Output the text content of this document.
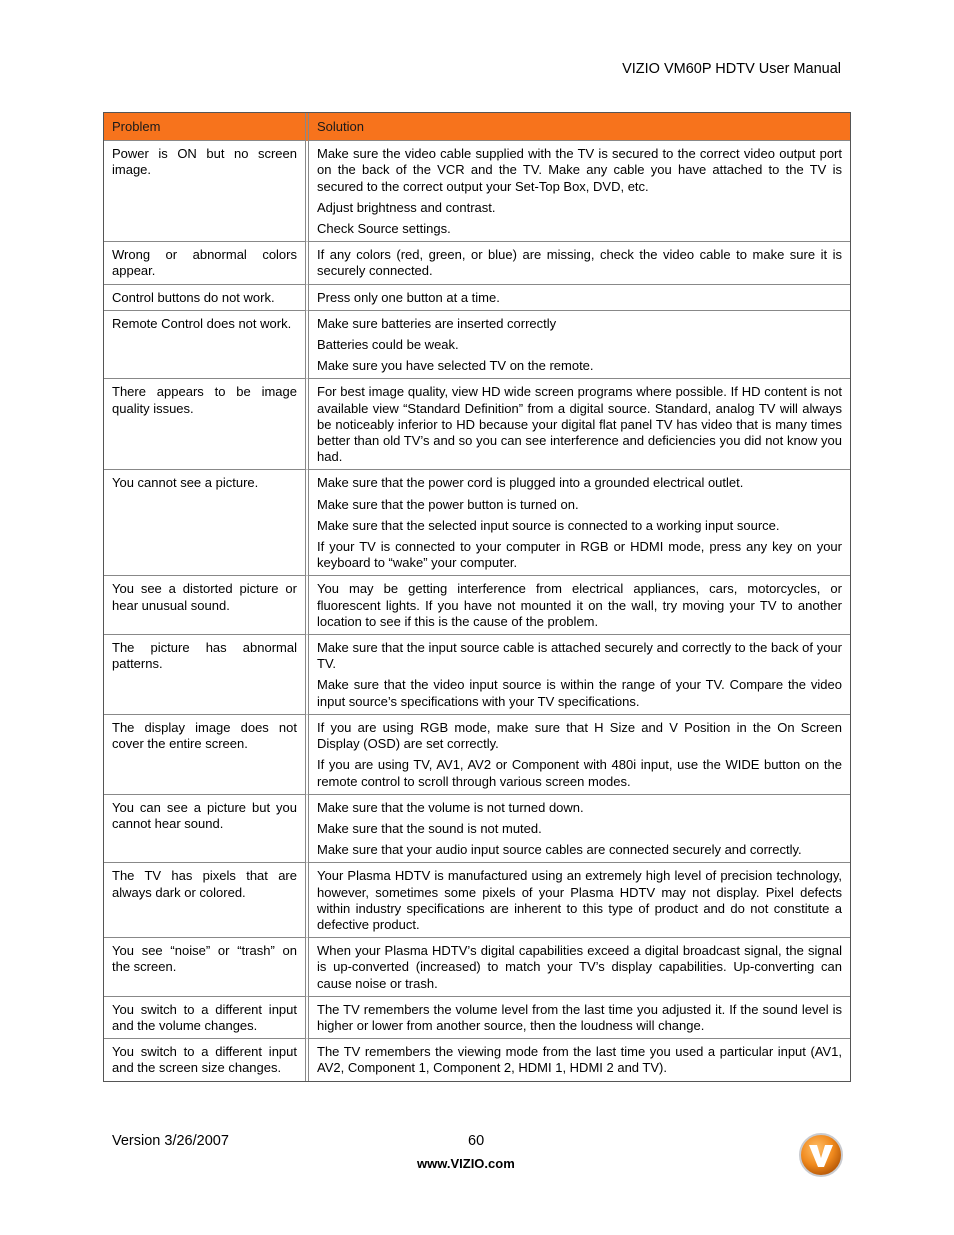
VIZIO VM60P HDTV User Manual
Problem	Solution
Power is ON but no screen image.	Make sure the video cable supplied with the TV is secured to the correct video output port on the back of the VCR and the TV. Make any cable you have attached to the TV is secured to the correct output your Set-Top Box, DVD, etc.

Adjust brightness and contrast.

Check Source settings.

Wrong or abnormal colors appear.	If any colors (red, green, or blue) are missing, check the video cable to make sure it is securely connected.

Control buttons do not work.	Press only one button at a time.

Remote Control does not work.	Make sure batteries are inserted correctly

Batteries could be weak.

Make sure you have selected TV on the remote.

There appears to be image quality issues.	For best image quality, view HD wide screen programs where possible. If HD content is not available view “Standard Definition” from a digital source. Standard, analog TV will always be noticeably inferior to HD because your digital flat panel TV has video that is many times better than old TV’s and so you can see interference and deficiencies you did not know you had.

You cannot see a picture.	Make sure that the power cord is plugged into a grounded electrical outlet.

Make sure that the power button is turned on.

Make sure that the selected input source is connected to a working input source.

If your TV is connected to your computer in RGB or HDMI mode, press any key on your keyboard to “wake” your computer.

You see a distorted picture or hear unusual sound.	You may be getting interference from electrical appliances, cars, motorcycles, or fluorescent lights. If you have not mounted it on the wall, try moving your TV to another location to see if this is the cause of the problem.

The picture has abnormal patterns.	Make sure that the input source cable is attached securely and correctly to the back of your TV.

Make sure that the video input source is within the range of your TV. Compare the video input source’s specifications with your TV specifications.

The display image does not cover the entire screen.	If you are using RGB mode, make sure that H Size and V Position in the On Screen Display (OSD) are set correctly.

If you are using TV, AV1, AV2 or Component with 480i input, use the WIDE button on the remote control to scroll through various screen modes.

You can see a picture but you cannot hear sound.	Make sure that the volume is not turned down.

Make sure that the sound is not muted.

Make sure that your audio input source cables are connected securely and correctly.

The TV has pixels that are always dark or colored.	Your Plasma HDTV is manufactured using an extremely high level of precision technology, however, sometimes some pixels of your Plasma HDTV may not display. Pixel defects within industry specifications are inherent to this type of product and do not constitute a defective product.

You see “noise” or “trash” on the screen.	When your Plasma HDTV’s digital capabilities exceed a digital broadcast signal, the signal is up-converted (increased) to match your TV’s display capabilities. Up-converting can cause noise or trash.

You switch to a different input and the volume changes.	The TV remembers the volume level from the last time you adjusted it. If the sound level is higher or lower from another source, then the loudness will change.

You switch to a different input and the screen size changes.	The TV remembers the viewing mode from the last time you used a particular input (AV1, AV2, Component 1, Component 2, HDMI 1, HDMI 2 and TV).

Version 3/26/2007	60
www.VIZIO.com
